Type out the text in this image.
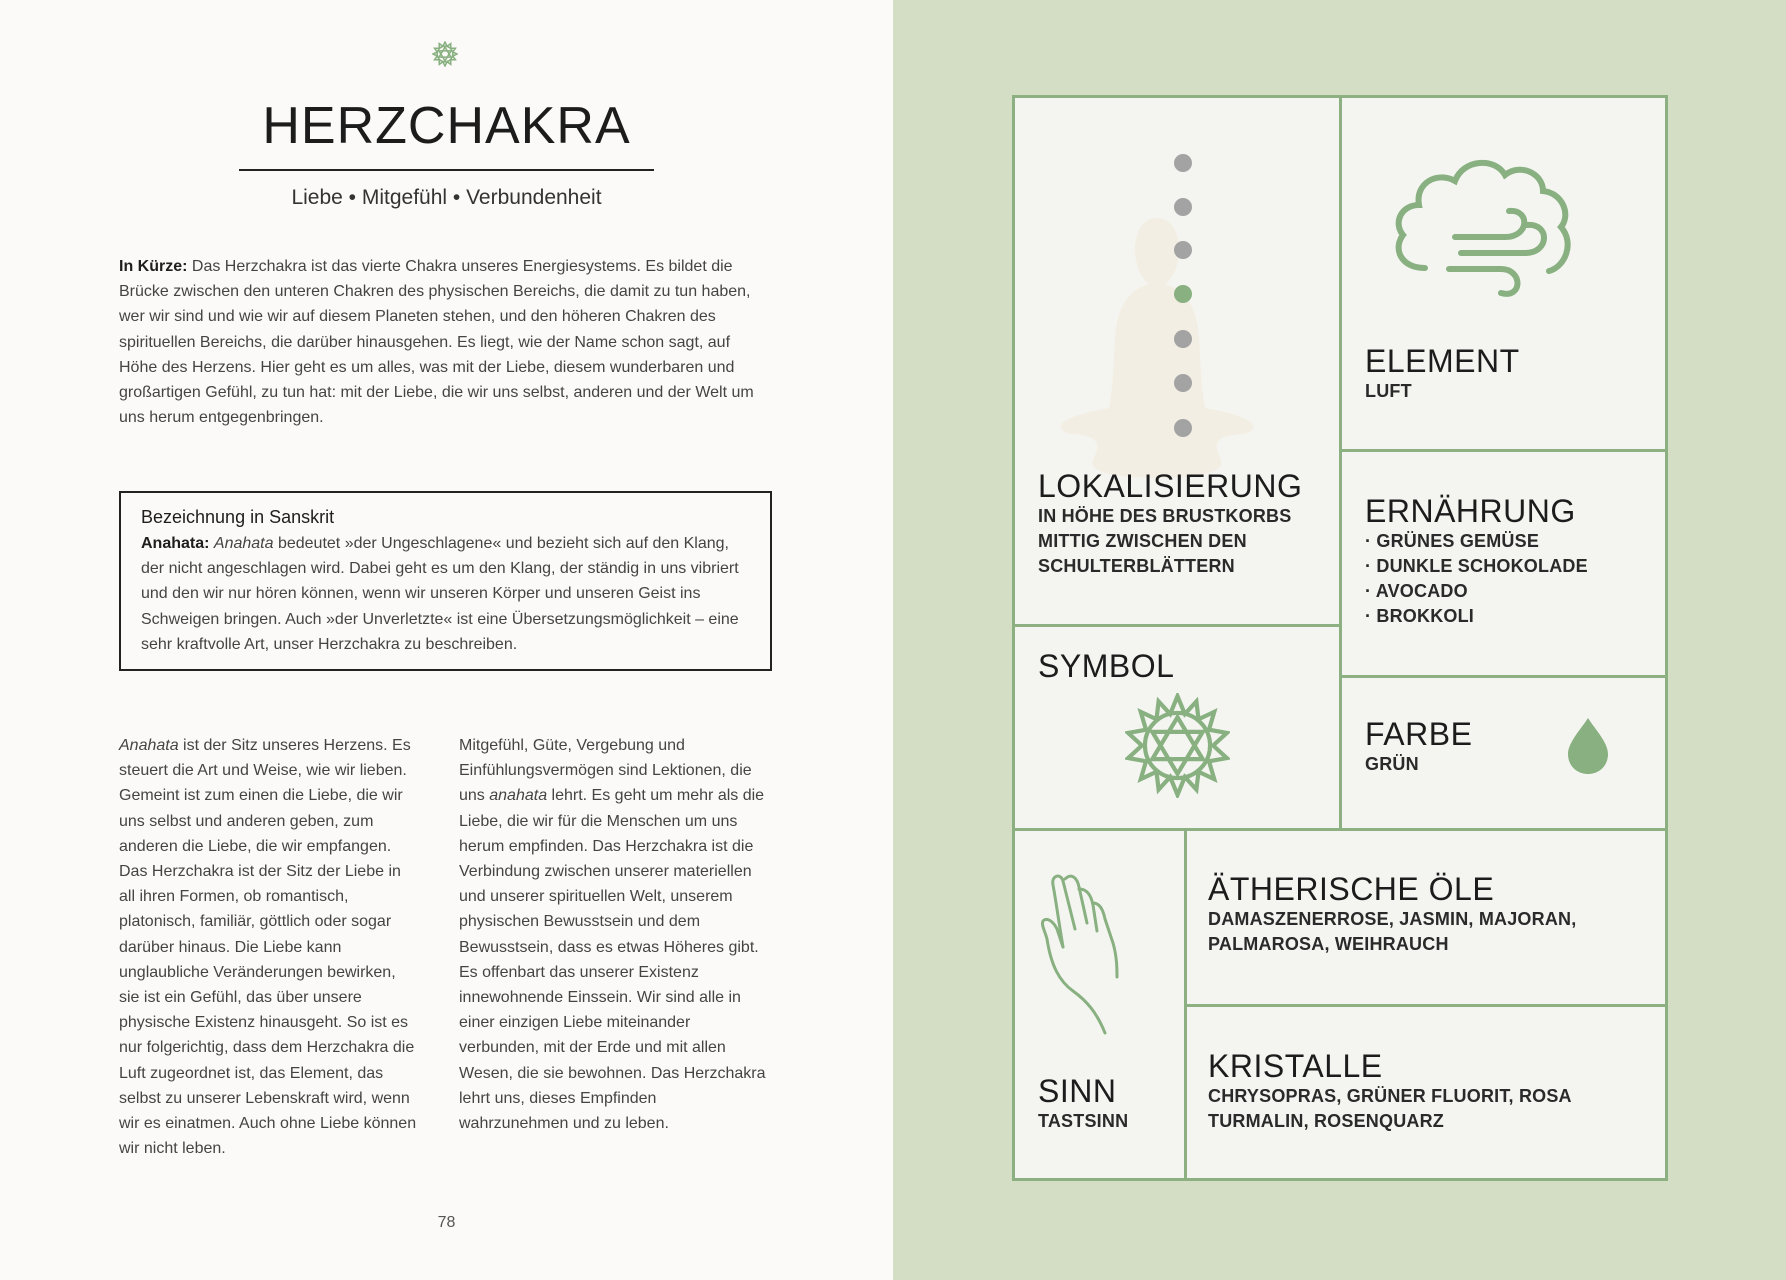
HERZCHAKRA
Liebe • Mitgefühl • Verbundenheit
In Kürze: Das Herzchakra ist das vierte Chakra unseres Energiesystems. Es bildet die Brücke zwischen den unteren Chakren des physischen Bereichs, die damit zu tun haben, wer wir sind und wie wir auf diesem Planeten stehen, und den höheren Chakren des spirituellen Bereichs, die darüber hinausgehen. Es liegt, wie der Name schon sagt, auf Höhe des Herzens. Hier geht es um alles, was mit der Liebe, diesem wunderbaren und großartigen Gefühl, zu tun hat: mit der Liebe, die wir uns selbst, anderen und der Welt um uns herum entgegenbringen.
Bezeichnung in Sanskrit
Anahata: Anahata bedeutet »der Ungeschlagene« und bezieht sich auf den Klang, der nicht angeschlagen wird. Dabei geht es um den Klang, der ständig in uns vibriert und den wir nur hören können, wenn wir unseren Körper und unseren Geist ins Schweigen bringen. Auch »der Unverletzte« ist eine Übersetzungsmöglichkeit – eine sehr kraftvolle Art, unser Herzchakra zu beschreiben.
Anahata ist der Sitz unseres Herzens. Es steuert die Art und Weise, wie wir lieben. Gemeint ist zum einen die Liebe, die wir uns selbst und anderen geben, zum anderen die Liebe, die wir empfangen. Das Herzchakra ist der Sitz der Liebe in all ihren Formen, ob romantisch, platonisch, familiär, göttlich oder sogar darüber hinaus. Die Liebe kann unglaubliche Veränderungen bewirken, sie ist ein Gefühl, das über unsere physische Existenz hinausgeht. So ist es nur folgerichtig, dass dem Herzchakra die Luft zugeordnet ist, das Element, das selbst zu unserer Lebenskraft wird, wenn wir es einatmen. Auch ohne Liebe können wir nicht leben.
Mitgefühl, Güte, Vergebung und Einfühlungsvermögen sind Lektionen, die uns anahata lehrt. Es geht um mehr als die Liebe, die wir für die Menschen um uns herum empfinden. Das Herzchakra ist die Verbindung zwischen unserer materiellen und unserer spirituellen Welt, unserem physischen Bewusstsein und dem Bewusstsein, dass es etwas Höheres gibt. Es offenbart das unserer Existenz innewohnende Einssein. Wir sind alle in einer einzigen Liebe miteinander verbunden, mit der Erde und mit allen Wesen, die sie bewohnen. Das Herzchakra lehrt uns, dieses Empfinden wahrzunehmen und zu leben.
78
LOKALISIERUNG
IN HÖHE DES BRUSTKORBS
MITTIG ZWISCHEN DEN
SCHULTERBLÄTTERN
ELEMENT
LUFT
ERNÄHRUNG
· GRÜNES GEMÜSE
· DUNKLE SCHOKOLADE
· AVOCADO
· BROKKOLI
SYMBOL
FARBE
GRÜN
SINN
TASTSINN
ÄTHERISCHE ÖLE
DAMASZENERROSE, JASMIN, MAJORAN,
PALMAROSA, WEIHRAUCH
KRISTALLE
CHRYSOPRAS, GRÜNER FLUORIT, ROSA
TURMALIN, ROSENQUARZ
